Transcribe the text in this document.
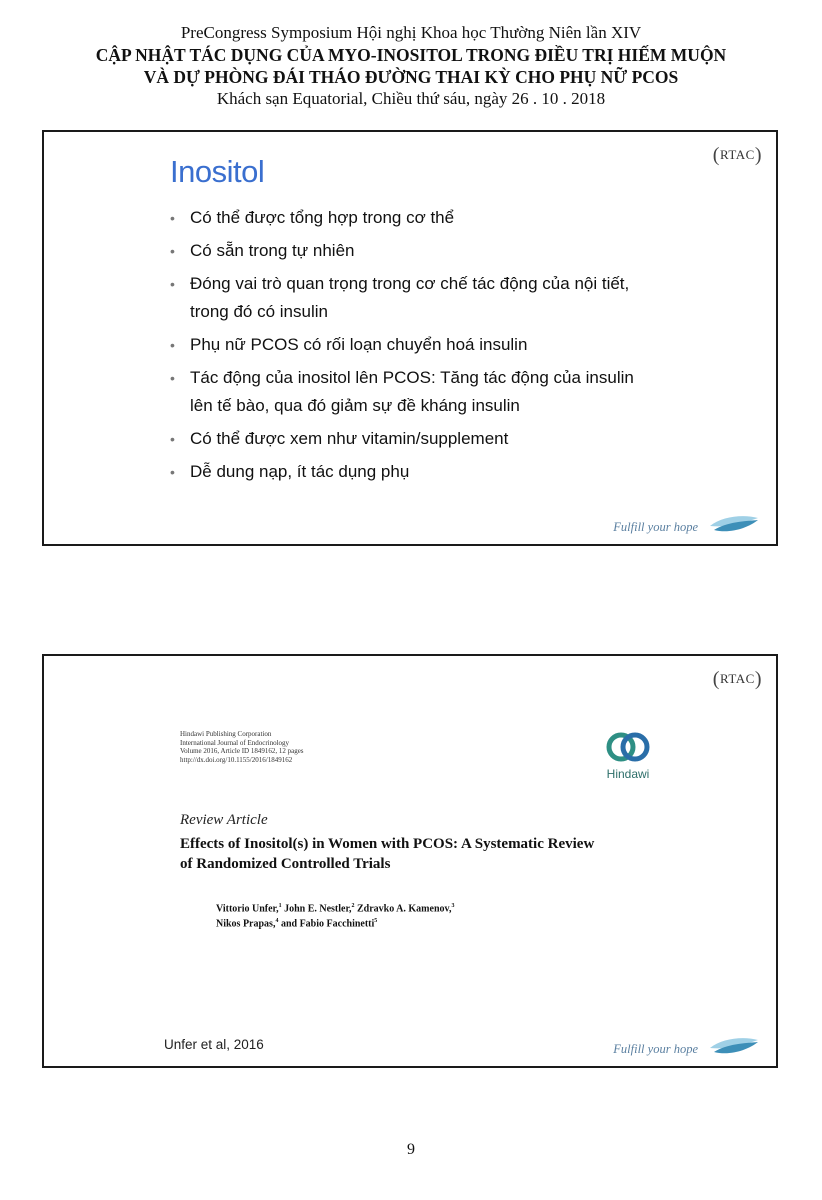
PreCongress Symposium Hội nghị Khoa học Thường Niên lần XIV
CẬP NHẬT TÁC DỤNG CỦA MYO-INOSITOL TRONG ĐIỀU TRỊ HIẾM MUỘN
VÀ DỰ PHÒNG ĐÁI THÁO ĐƯỜNG THAI KỲ CHO PHỤ NỮ PCOS
Khách sạn Equatorial, Chiều thứ sáu, ngày 26 . 10 . 2018
(RTAC)
Inositol
• Có thể được tổng hợp trong cơ thể
• Có sẵn trong tự nhiên
• Đóng vai trò quan trọng trong cơ chế tác động của nội tiết, trong đó có insulin
• Phụ nữ PCOS có rối loạn chuyển hoá insulin
• Tác động của inositol lên PCOS: Tăng tác động của insulin lên tế bào, qua đó giảm sự đề kháng insulin
• Có thể được xem như vitamin/supplement
• Dễ dung nạp, ít tác dụng phụ
Fulfill your hope
(RTAC)
Hindawi Publishing Corporation
International Journal of Endocrinology
Volume 2016, Article ID 1849162, 12 pages
http://dx.doi.org/10.1155/2016/1849162
Hindawi
Review Article
Effects of Inositol(s) in Women with PCOS: A Systematic Review
of Randomized Controlled Trials
Vittorio Unfer,$^1$ John E. Nestler,$^2$ Zdravko A. Kamenov,$^3$
Nikos Prapas,$^4$ and Fabio Facchinetti$^5$
Unfer et al, 2016	Fulfill your hope
9
